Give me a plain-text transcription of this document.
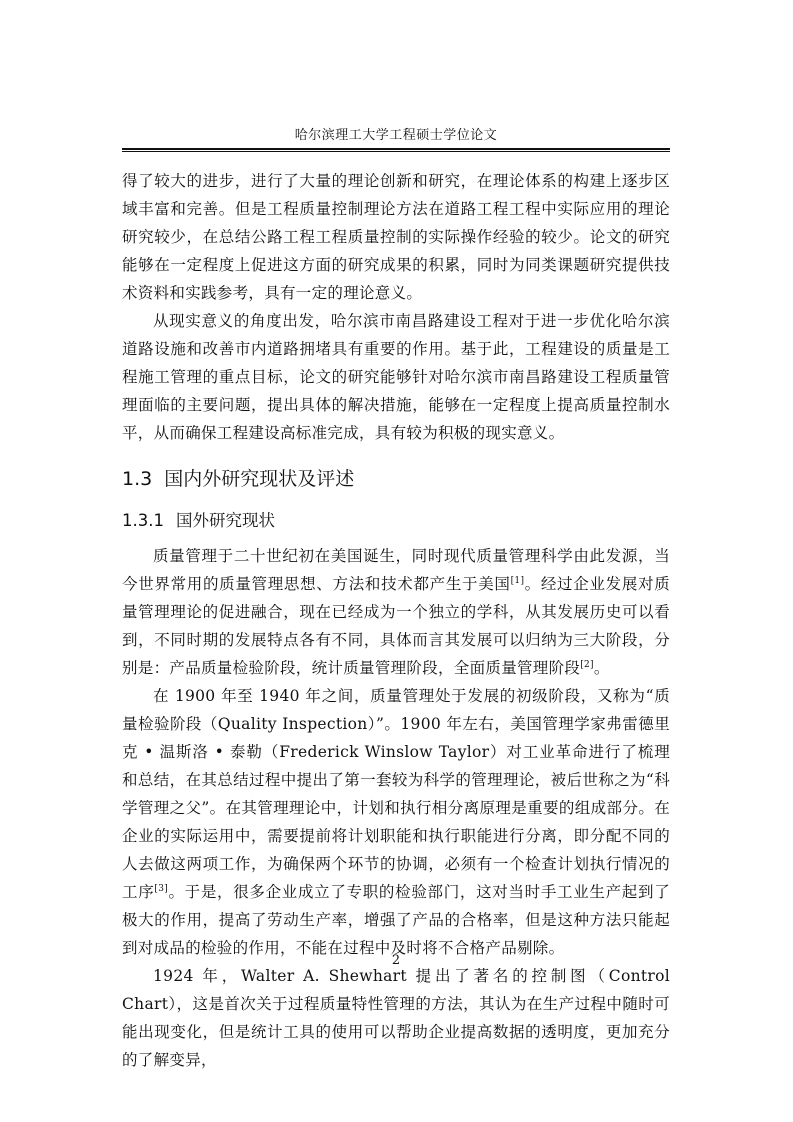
哈尔滨理工大学工程硕士学位论文

得了较大的进步，进行了大量的理论创新和研究，在理论体系的构建上逐步区域丰富和完善。但是工程质量控制理论方法在道路工程工程中实际应用的理论研究较少，在总结公路工程工程质量控制的实际操作经验的较少。论文的研究能够在一定程度上促进这方面的研究成果的积累，同时为同类课题研究提供技术资料和实践参考，具有一定的理论意义。

从现实意义的角度出发，哈尔滨市南昌路建设工程对于进一步优化哈尔滨道路设施和改善市内道路拥堵具有重要的作用。基于此，工程建设的质量是工程施工管理的重点目标，论文的研究能够针对哈尔滨市南昌路建设工程质量管理面临的主要问题，提出具体的解决措施，能够在一定程度上提高质量控制水平，从而确保工程建设高标准完成，具有较为积极的现实意义。

1.3 国内外研究现状及评述
1.3.1 国外研究现状

质量管理于二十世纪初在美国诞生，同时现代质量管理科学由此发源，当今世界常用的质量管理思想、方法和技术都产生于美国[1]。经过企业发展对质量管理理论的促进融合，现在已经成为一个独立的学科，从其发展历史可以看到，不同时期的发展特点各有不同，具体而言其发展可以归纳为三大阶段，分别是：产品质量检验阶段，统计质量管理阶段，全面质量管理阶段[2]。

在 1900 年至 1940 年之间，质量管理处于发展的初级阶段，又称为“质量检验阶段（Quality Inspection）”。1900 年左右，美国管理学家弗雷德里克 • 温斯洛 • 泰勒（Frederick Winslow Taylor）对工业革命进行了梳理和总结，在其总结过程中提出了第一套较为科学的管理理论，被后世称之为“科学管理之父”。在其管理理论中，计划和执行相分离原理是重要的组成部分。在企业的实际运用中，需要提前将计划职能和执行职能进行分离，即分配不同的人去做这两项工作，为确保两个环节的协调，必须有一个检查计划执行情况的工序[3]。于是，很多企业成立了专职的检验部门，这对当时手工业生产起到了极大的作用，提高了劳动生产率，增强了产品的合格率，但是这种方法只能起到对成品的检验的作用，不能在过程中及时将不合格产品剔除。

1924 年，Walter A. Shewhart 提出了著名的控制图（Control Chart），这是首次关于过程质量特性管理的方法，其认为在生产过程中随时可能出现变化，但是统计工具的使用可以帮助企业提高数据的透明度，更加充分的了解变异，

2
